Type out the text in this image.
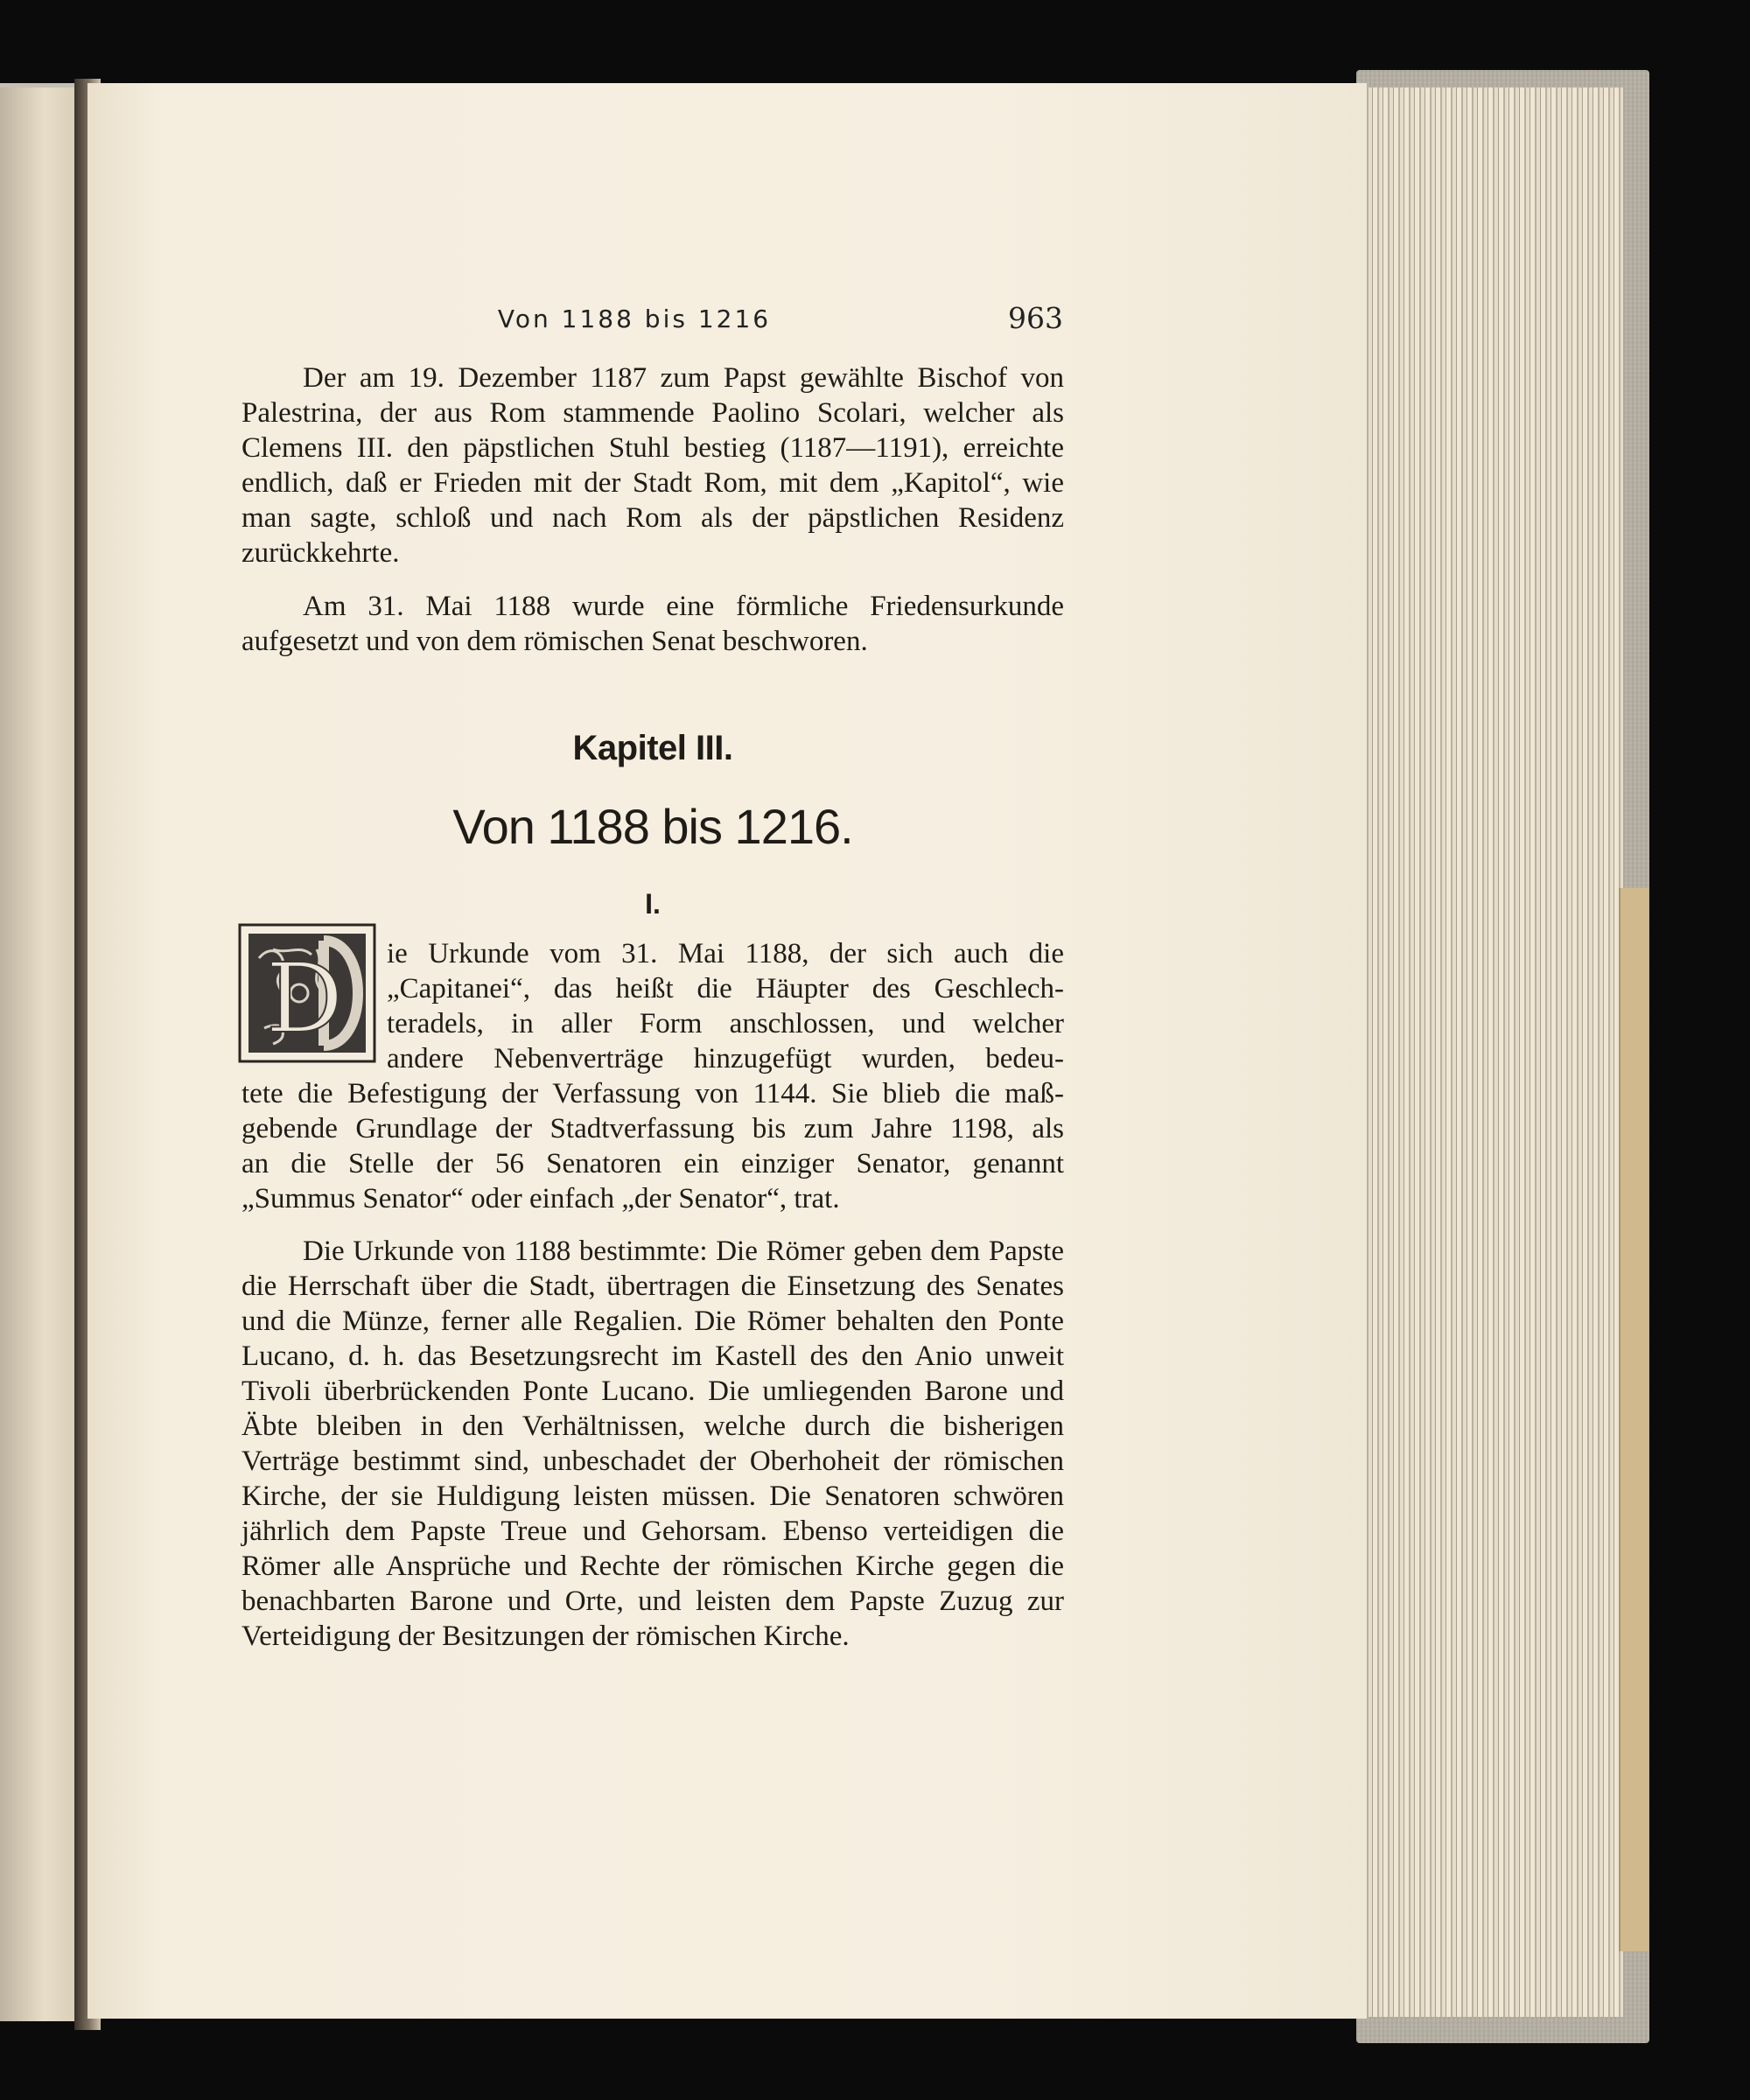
Von 1188 bis 1216	963

Der am 19. Dezember 1187 zum Papst gewählte Bischof von Palestrina, der aus Rom stammende Paolino Scolari, welcher als Clemens III. den päpstlichen Stuhl bestieg (1187—1191), erreichte endlich, daß er Frieden mit der Stadt Rom, mit dem „Kapitol“, wie man sagte, schloß und nach Rom als der päpstlichen Residenz zurückkehrte.

Am 31. Mai 1188 wurde eine förmliche Friedensurkunde aufgesetzt und von dem römischen Senat beschworen.

Kapitel III.
Von 1188 bis 1216.
I.
D	ie Urkunde vom 31. Mai 1188, der sich auch die
„Capitanei“, das heißt die Häupter des Geschlech-
teradels, in aller Form anschlossen, und welcher
andere Nebenverträge hinzugefügt wurden, bedeu-
tete die Befestigung der Verfassung von 1144. Sie blieb die maß-
gebende Grundlage der Stadtverfassung bis zum Jahre 1198, als
an die Stelle der 56 Senatoren ein einziger Senator, genannt
„Summus Senator“ oder einfach „der Senator“, trat.

Die Urkunde von 1188 bestimmte: Die Römer geben dem Papste die Herrschaft über die Stadt, übertragen die Einsetzung des Senates und die Münze, ferner alle Regalien. Die Römer behalten den Ponte Lucano, d. h. das Besetzungsrecht im Kastell des den Anio unweit Tivoli überbrückenden Ponte Lucano. Die umliegenden Barone und Äbte bleiben in den Verhältnissen, welche durch die bisherigen Verträge bestimmt sind, unbeschadet der Oberhoheit der römischen Kirche, der sie Huldigung leisten müssen. Die Senatoren schwören jährlich dem Papste Treue und Gehorsam. Ebenso verteidigen die Römer alle Ansprüche und Rechte der römischen Kirche gegen die benachbarten Barone und Orte, und leisten dem Papste Zuzug zur Verteidigung der Besitzungen der römischen Kirche.
